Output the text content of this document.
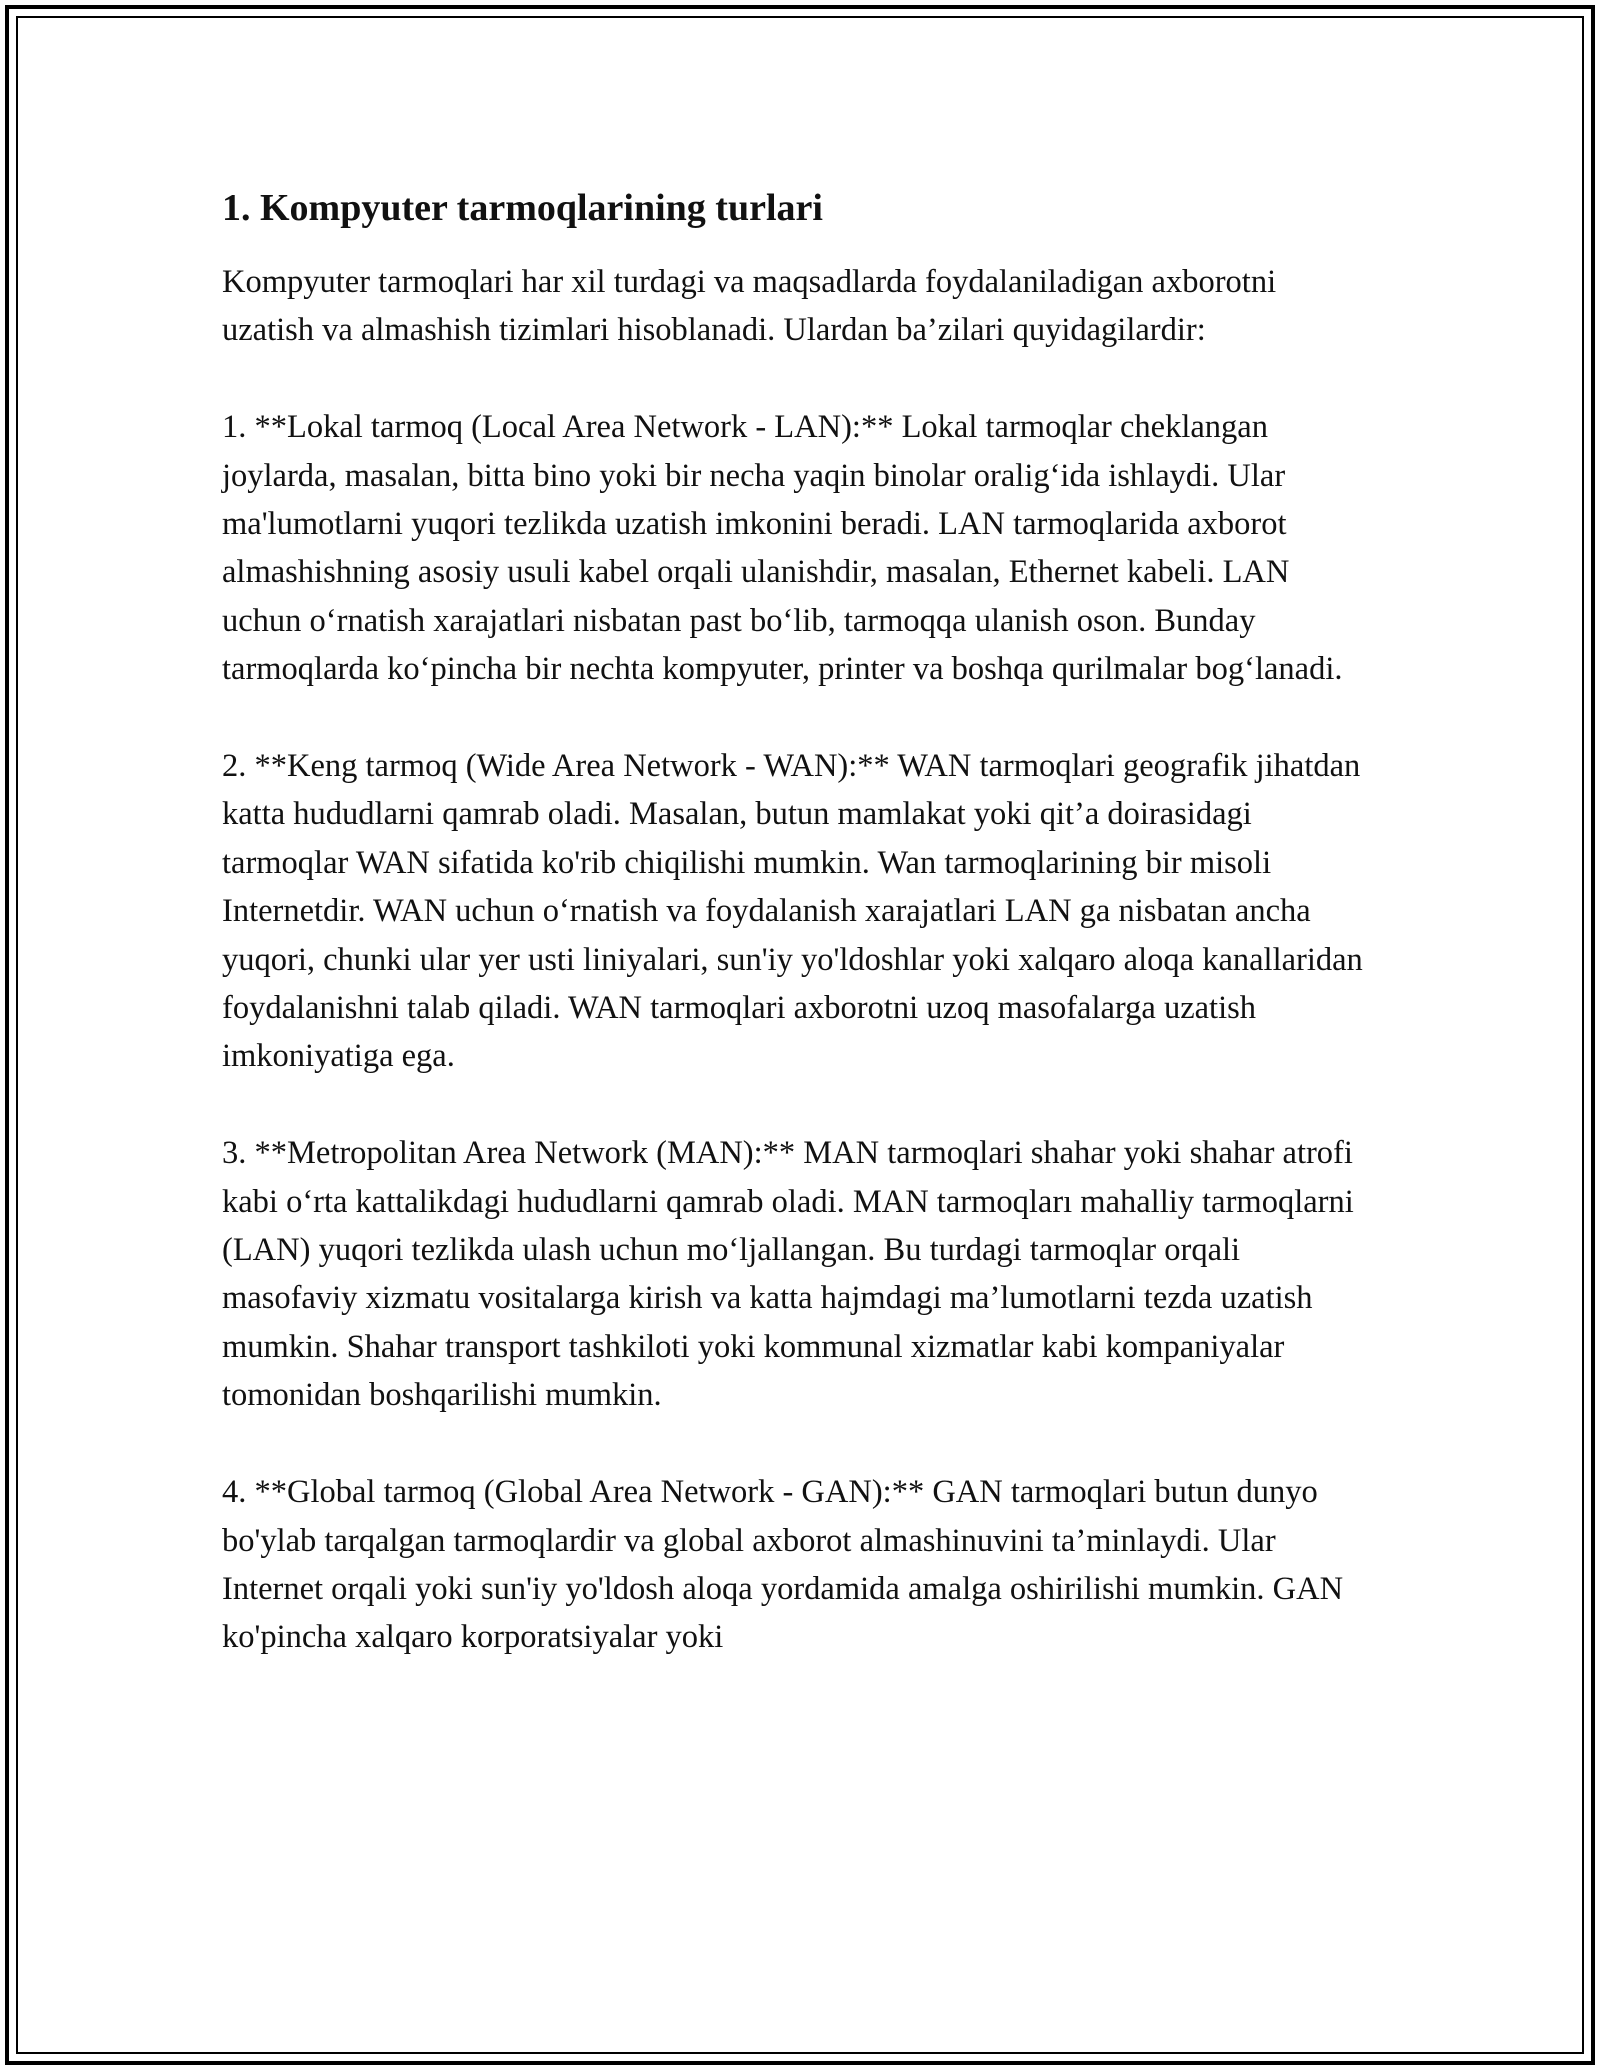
1. Kompyuter tarmoqlarining turlari

Kompyuter tarmoqlari har xil turdagi va maqsadlarda foydalaniladigan axborotni uzatish va almashish tizimlari hisoblanadi. Ulardan ba’zilari quyidagilardir:

1. **Lokal tarmoq (Local Area Network - LAN):** Lokal tarmoqlar cheklangan joylarda, masalan, bitta bino yoki bir necha yaqin binolar oralig‘ida ishlaydi. Ular ma'lumotlarni yuqori tezlikda uzatish imkonini beradi. LAN tarmoqlarida axborot almashishning asosiy usuli kabel orqali ulanishdir, masalan, Ethernet kabeli. LAN uchun o‘rnatish xarajatlari nisbatan past bo‘lib, tarmoqqa ulanish oson. Bunday tarmoqlarda ko‘pincha bir nechta kompyuter, printer va boshqa qurilmalar bog‘lanadi.

2. **Keng tarmoq (Wide Area Network - WAN):** WAN tarmoqlari geografik jihatdan katta hududlarni qamrab oladi. Masalan, butun mamlakat yoki qit’a doirasidagi tarmoqlar WAN sifatida ko'rib chiqilishi mumkin. Wan tarmoqlarining bir misoli Internetdir. WAN uchun o‘rnatish va foydalanish xarajatlari LAN ga nisbatan ancha yuqori, chunki ular yer usti liniyalari, sun'iy yo'ldoshlar yoki xalqaro aloqa kanallaridan foydalanishni talab qiladi. WAN tarmoqlari axborotni uzoq masofalarga uzatish imkoniyatiga ega.

3. **Metropolitan Area Network (MAN):** MAN tarmoqlari shahar yoki shahar atrofi kabi o‘rta kattalikdagi hududlarni qamrab oladi. MAN tarmoqları mahalliy tarmoqlarni (LAN) yuqori tezlikda ulash uchun mo‘ljallangan. Bu turdagi tarmoqlar orqali masofaviy xizmatu vositalarga kirish va katta hajmdagi ma’lumotlarni tezda uzatish mumkin. Shahar transport tashkiloti yoki kommunal xizmatlar kabi kompaniyalar tomonidan boshqarilishi mumkin.

4. **Global tarmoq (Global Area Network - GAN):** GAN tarmoqlari butun dunyo bo'ylab tarqalgan tarmoqlardir va global axborot almashinuvini ta’minlaydi. Ular Internet orqali yoki sun'iy yo'ldosh aloqa yordamida amalga oshirilishi mumkin. GAN ko'pincha xalqaro korporatsiyalar yoki
